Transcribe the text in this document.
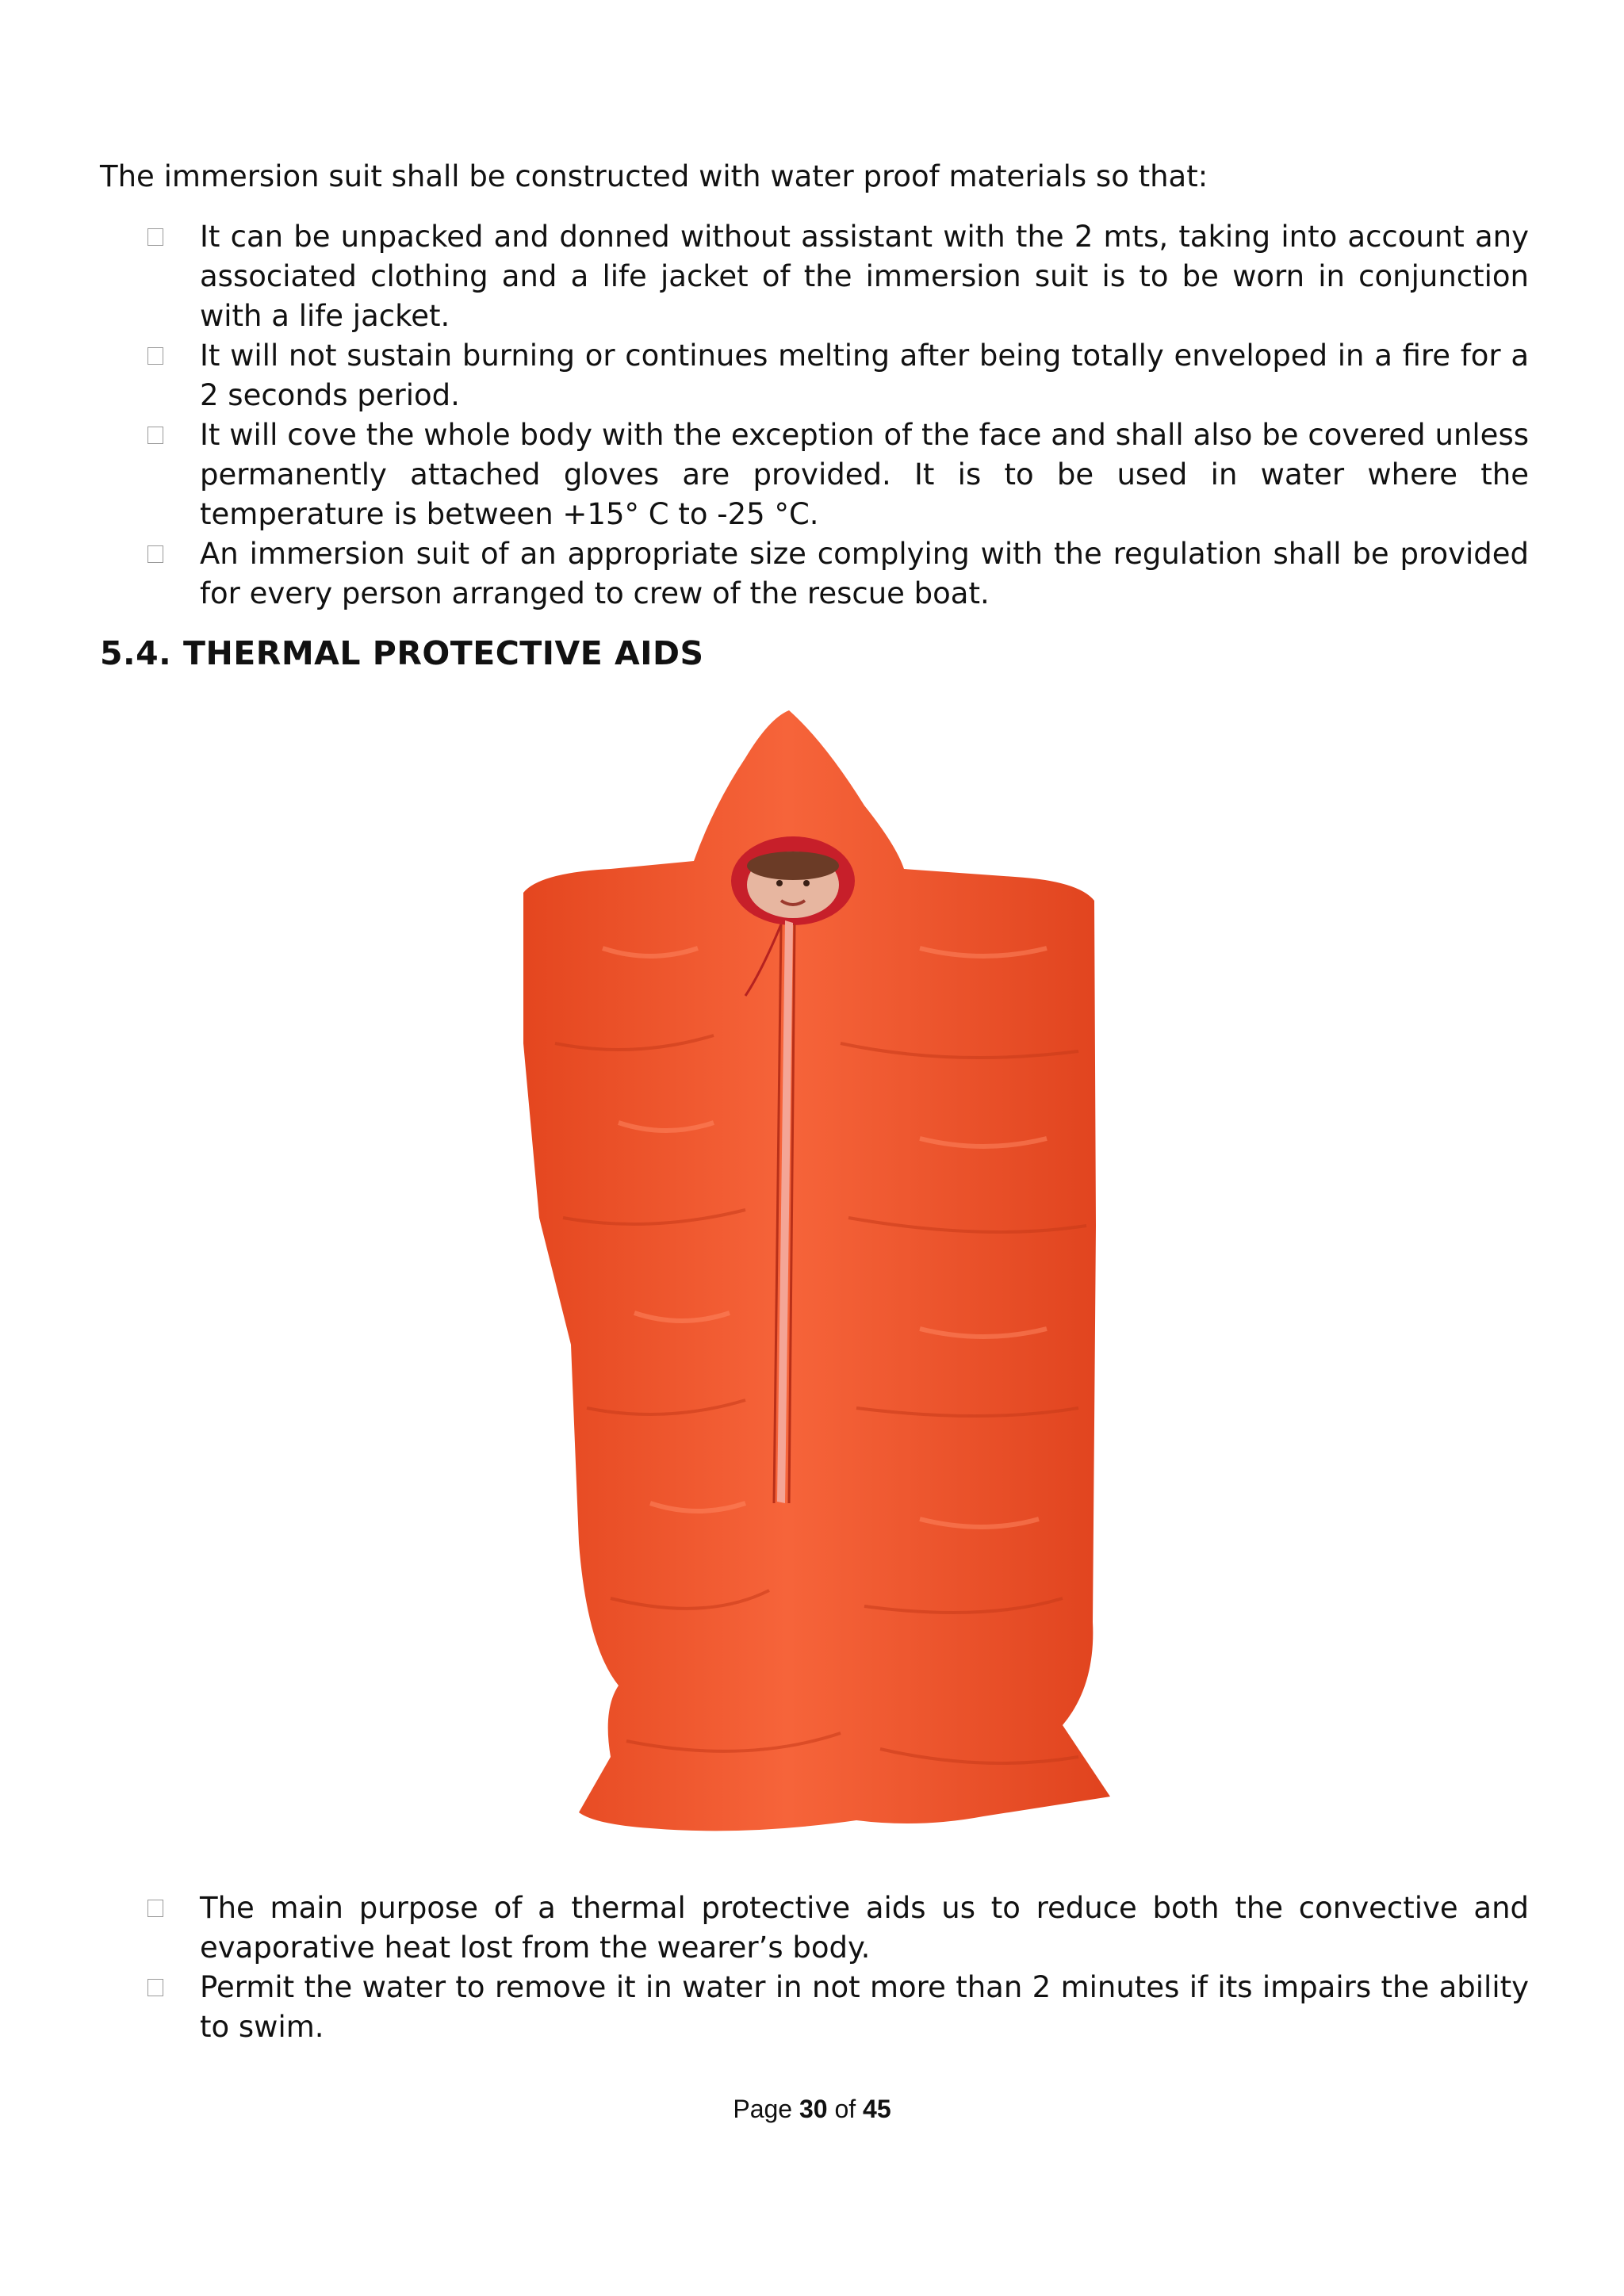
The immersion suit shall be constructed with water proof materials so that:

It can be unpacked and donned without assistant with the 2 mts, taking into account any associated clothing and a life jacket of the immersion suit is to be worn in conjunction with a life jacket.
It will not sustain burning or continues melting after being totally enveloped in a fire for a 2 seconds period.
It will cove the whole body with the exception of the face and shall also be covered unless permanently attached gloves are provided. It is to be used in water where the temperature is between +15° C to -25 °C.
An immersion suit of an appropriate size complying with the regulation shall be provided for every person arranged to crew of the rescue boat.
5.4. THERMAL PROTECTIVE AIDS
The main purpose of a thermal protective aids us to reduce both the convective and evaporative heat lost from the wearer’s body.
Permit the water to remove it in water in not more than 2 minutes if its impairs the ability to swim.
Page 30 of 45
